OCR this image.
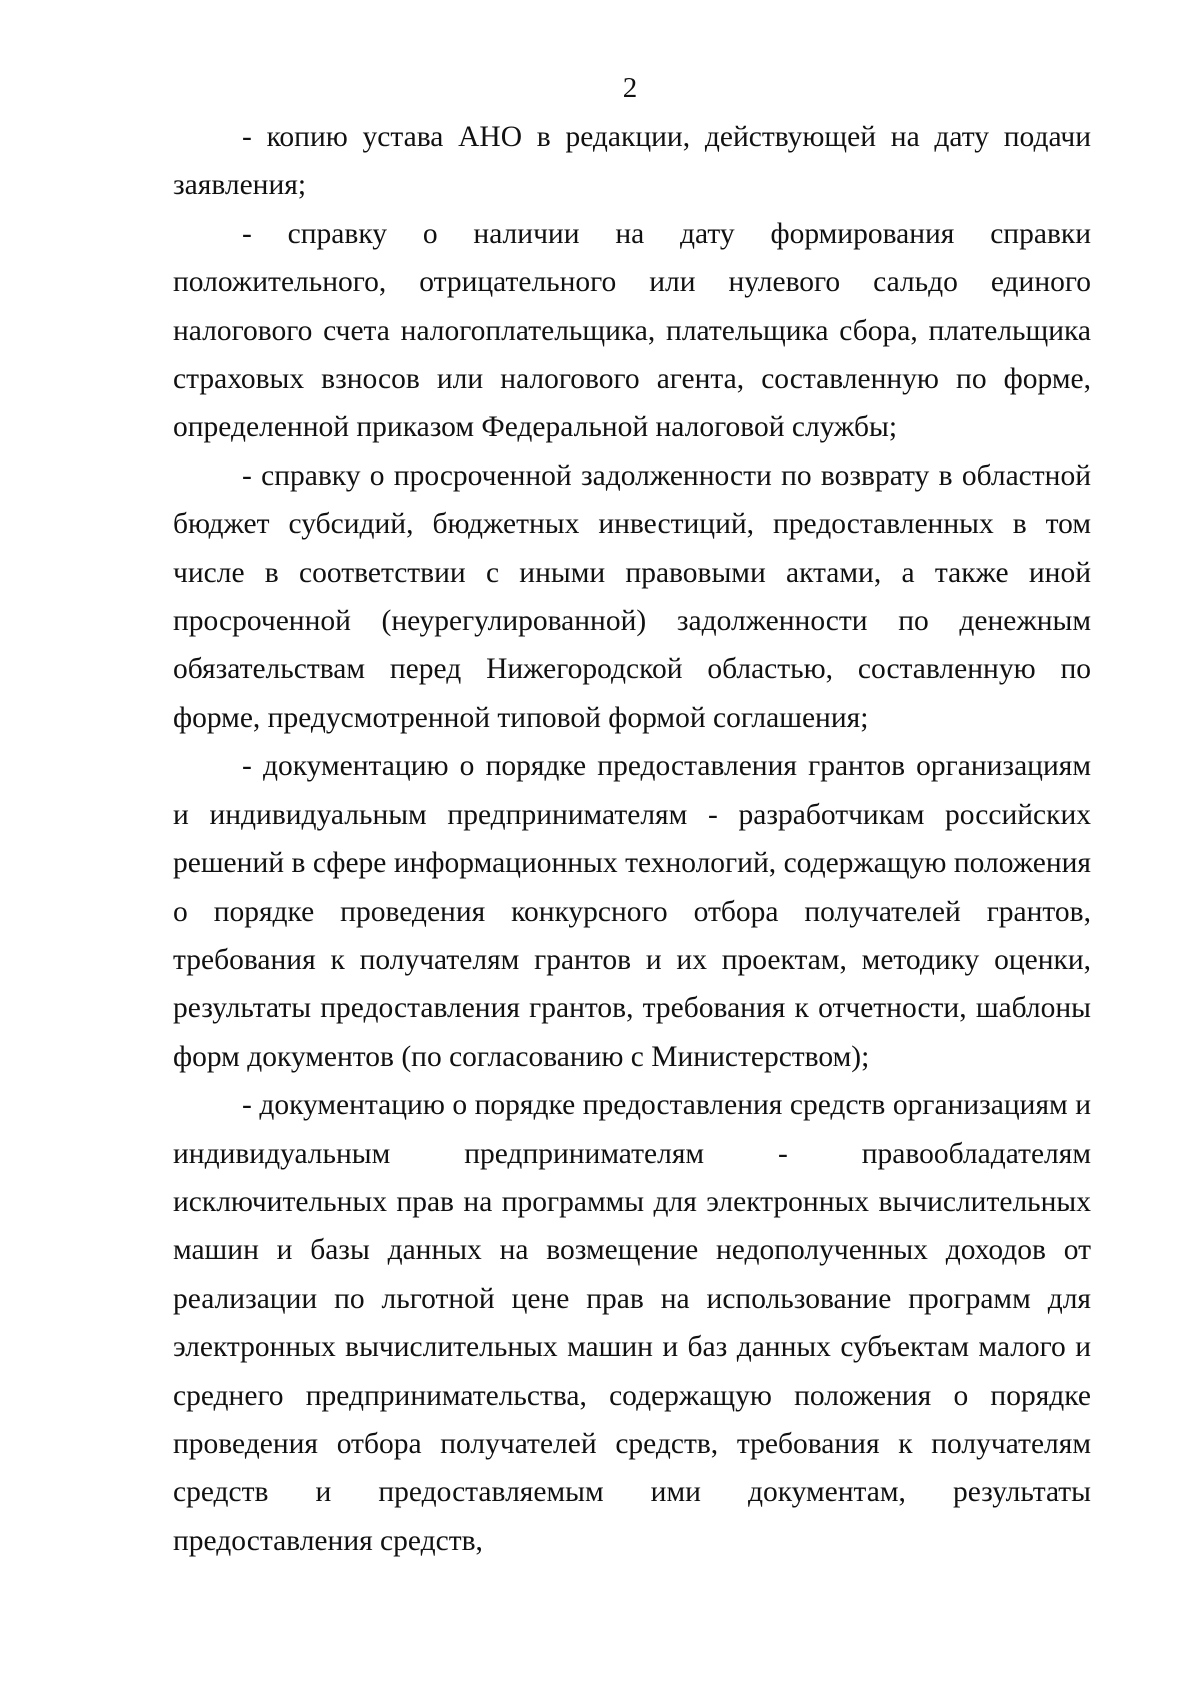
2

- копию устава АНО в редакции, действующей на дату подачи заявления;

- справку о наличии на дату формирования справки положительного, отрицательного или нулевого сальдо единого налогового счета налогоплательщика, плательщика сбора, плательщика страховых взносов или налогового агента, составленную по форме, определенной приказом Федеральной налоговой службы;

- справку о просроченной задолженности по возврату в областной бюджет субсидий, бюджетных инвестиций, предоставленных в том числе в соответствии с иными правовыми актами, а также иной просроченной (неурегулированной) задолженности по денежным обязательствам перед Нижегородской областью, составленную по форме, предусмотренной типовой формой соглашения;

- документацию о порядке предоставления грантов организациям и индивидуальным предпринимателям - разработчикам российских решений в сфере информационных технологий, содержащую положения о порядке проведения конкурсного отбора получателей грантов, требования к получателям грантов и их проектам, методику оценки, результаты предоставления грантов, требования к отчетности, шаблоны форм документов (по согласованию с Министерством);

- документацию о порядке предоставления средств организациям и индивидуальным предпринимателям - правообладателям исключительных прав на программы для электронных вычислительных машин и базы данных на возмещение недополученных доходов от реализации по льготной цене прав на использование программ для электронных вычислительных машин и баз данных субъектам малого и среднего предпринимательства, содержащую положения о порядке проведения отбора получателей средств, требования к получателям средств и предоставляемым ими документам, результаты предоставления средств,
